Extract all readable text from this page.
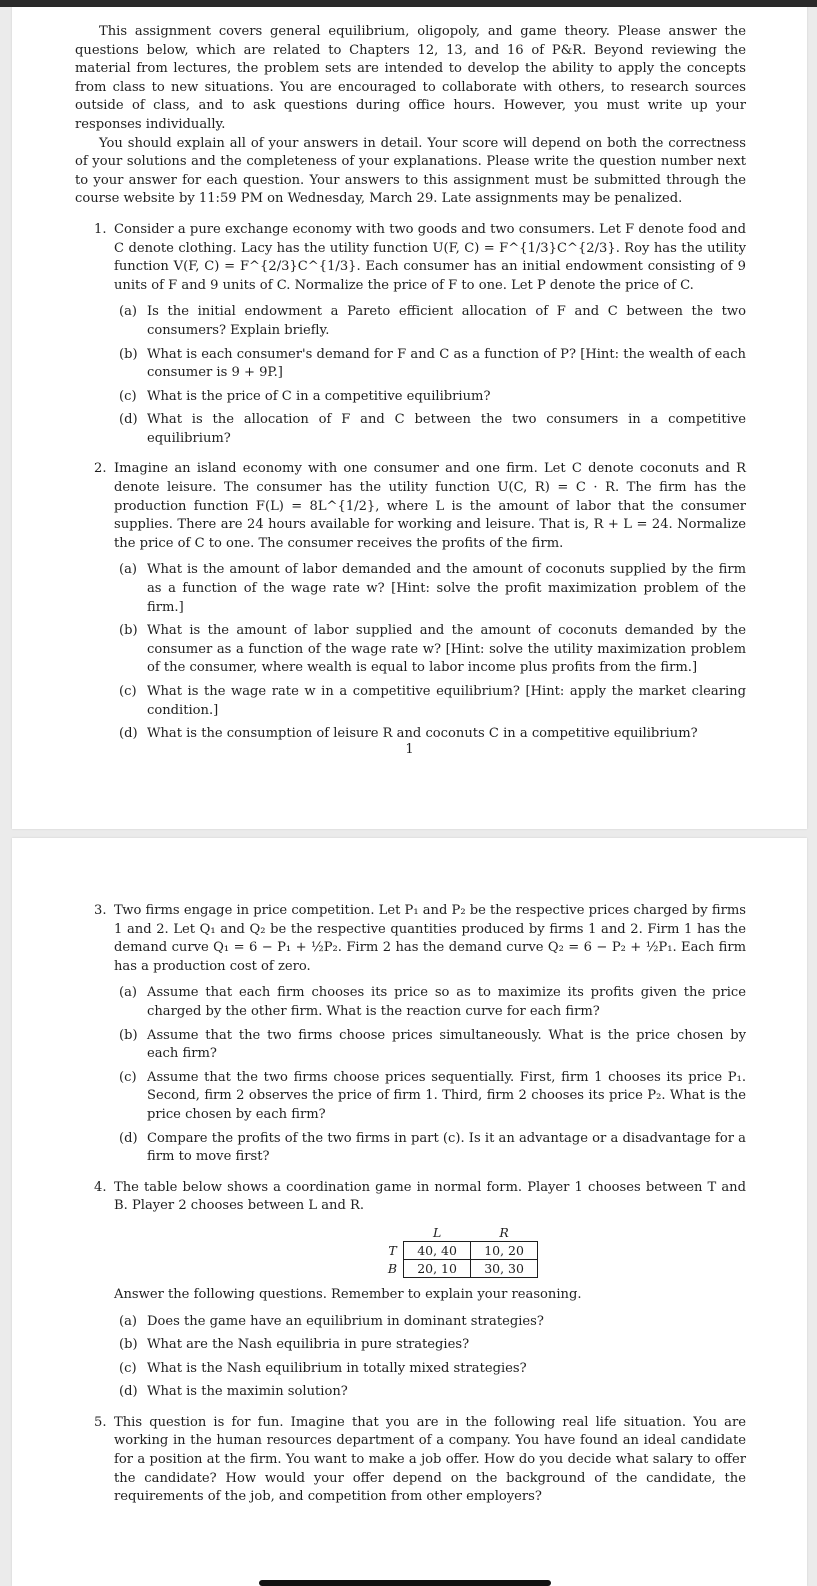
This assignment covers general equilibrium, oligopoly, and game theory. Please answer the questions below, which are related to Chapters 12, 13, and 16 of P&R. Beyond reviewing the material from lectures, the problem sets are intended to develop the ability to apply the concepts from class to new situations. You are encouraged to collaborate with others, to research sources outside of class, and to ask questions during office hours. However, you must write up your responses individually.

You should explain all of your answers in detail. Your score will depend on both the correctness of your solutions and the completeness of your explanations. Please write the question number next to your answer for each question. Your answers to this assignment must be submitted through the course website by 11:59 PM on Wednesday, March 29. Late assignments may be penalized.

1. Consider a pure exchange economy with two goods and two consumers. Let F denote food and C denote clothing. Lacy has the utility function U(F, C) = F^{1/3}C^{2/3}. Roy has the utility function V(F, C) = F^{2/3}C^{1/3}. Each consumer has an initial endowment consisting of 9 units of F and 9 units of C. Normalize the price of F to one. Let P denote the price of C.

(a) Is the initial endowment a Pareto efficient allocation of F and C between the two consumers? Explain briefly.
(b) What is each consumer's demand for F and C as a function of P? [Hint: the wealth of each consumer is 9 + 9P.]
(c) What is the price of C in a competitive equilibrium?
(d) What is the allocation of F and C between the two consumers in a competitive equilibrium?
2. Imagine an island economy with one consumer and one firm. Let C denote coconuts and R denote leisure. The consumer has the utility function U(C, R) = C · R. The firm has the production function F(L) = 8L^{1/2}, where L is the amount of labor that the consumer supplies. There are 24 hours available for working and leisure. That is, R + L = 24. Normalize the price of C to one. The consumer receives the profits of the firm.

(a) What is the amount of labor demanded and the amount of coconuts supplied by the firm as a function of the wage rate w? [Hint: solve the profit maximization problem of the firm.]
(b) What is the amount of labor supplied and the amount of coconuts demanded by the consumer as a function of the wage rate w? [Hint: solve the utility maximization problem of the consumer, where wealth is equal to labor income plus profits from the firm.]
(c) What is the wage rate w in a competitive equilibrium? [Hint: apply the market clearing condition.]
(d) What is the consumption of leisure R and coconuts C in a competitive equilibrium?
1
3. Two firms engage in price competition. Let P₁ and P₂ be the respective prices charged by firms 1 and 2. Let Q₁ and Q₂ be the respective quantities produced by firms 1 and 2. Firm 1 has the demand curve Q₁ = 6 − P₁ + ½P₂. Firm 2 has the demand curve Q₂ = 6 − P₂ + ½P₁. Each firm has a production cost of zero.

(a) Assume that each firm chooses its price so as to maximize its profits given the price charged by the other firm. What is the reaction curve for each firm?
(b) Assume that the two firms choose prices simultaneously. What is the price chosen by each firm?
(c) Assume that the two firms choose prices sequentially. First, firm 1 chooses its price P₁. Second, firm 2 observes the price of firm 1. Third, firm 2 chooses its price P₂. What is the price chosen by each firm?
(d) Compare the profits of the two firms in part (c). Is it an advantage or a disadvantage for a firm to move first?
4. The table below shows a coordination game in normal form. Player 1 chooses between T and B. Player 2 chooses between L and R.

	L	R
T	40, 40	10, 20
B	20, 10	30, 30

Answer the following questions. Remember to explain your reasoning.

(a) Does the game have an equilibrium in dominant strategies?
(b) What are the Nash equilibria in pure strategies?
(c) What is the Nash equilibrium in totally mixed strategies?
(d) What is the maximin solution?
5. This question is for fun. Imagine that you are in the following real life situation. You are working in the human resources department of a company. You have found an ideal candidate for a position at the firm. You want to make a job offer. How do you decide what salary to offer the candidate? How would your offer depend on the background of the candidate, the requirements of the job, and competition from other employers?
